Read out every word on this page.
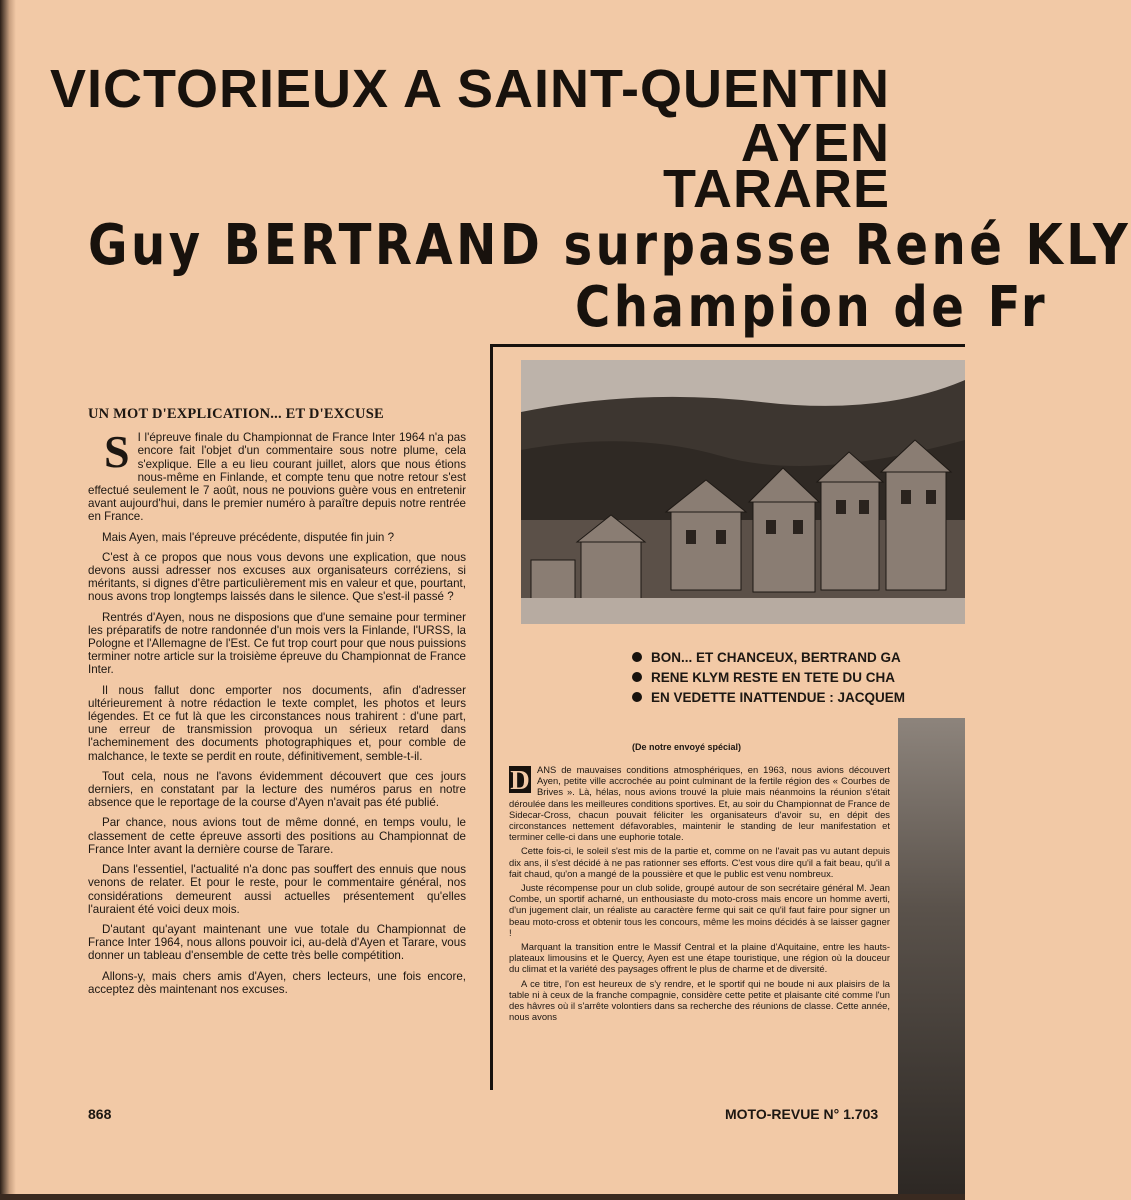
VICTORIEUX A SAINT-QUENTIN
AYEN
TARARE
Guy BERTRAND surpasse René KLY
Champion de Fr
UN MOT D'EXPLICATION... ET D'EXCUSE

S I l'épreuve finale du Championnat de France Inter 1964 n'a pas encore fait l'objet d'un commentaire sous notre plume, cela s'explique. Elle a eu lieu courant juillet, alors que nous étions nous-même en Finlande, et compte tenu que notre retour s'est effectué seulement le 7 août, nous ne pouvions guère vous en entretenir avant aujourd'hui, dans le premier numéro à paraître depuis notre rentrée en France.

Mais Ayen, mais l'épreuve précédente, disputée fin juin ?

C'est à ce propos que nous vous devons une explication, que nous devons aussi adresser nos excuses aux organisateurs corréziens, si méritants, si dignes d'être particulièrement mis en valeur et que, pourtant, nous avons trop longtemps laissés dans le silence. Que s'est-il passé ?

Rentrés d'Ayen, nous ne disposions que d'une semaine pour terminer les préparatifs de notre randonnée d'un mois vers la Finlande, l'URSS, la Pologne et l'Allemagne de l'Est. Ce fut trop court pour que nous puissions terminer notre article sur la troisième épreuve du Championnat de France Inter.

Il nous fallut donc emporter nos documents, afin d'adresser ultérieurement à notre rédaction le texte complet, les photos et leurs légendes. Et ce fut là que les circonstances nous trahirent : d'une part, une erreur de transmission provoqua un sérieux retard dans l'acheminement des documents photographiques et, pour comble de malchance, le texte se perdit en route, définitivement, semble-t-il.

Tout cela, nous ne l'avons évidemment découvert que ces jours derniers, en constatant par la lecture des numéros parus en notre absence que le reportage de la course d'Ayen n'avait pas été publié.

Par chance, nous avions tout de même donné, en temps voulu, le classement de cette épreuve assorti des positions au Championnat de France Inter avant la dernière course de Tarare.

Dans l'essentiel, l'actualité n'a donc pas souffert des ennuis que nous venons de relater. Et pour le reste, pour le commentaire général, nos considérations demeurent aussi actuelles présentement qu'elles l'auraient été voici deux mois.

D'autant qu'ayant maintenant une vue totale du Championnat de France Inter 1964, nous allons pouvoir ici, au-delà d'Ayen et Tarare, vous donner un tableau d'ensemble de cette très belle compétition.

Allons-y, mais chers amis d'Ayen, chers lecteurs, une fois encore, acceptez dès maintenant nos excuses.

BON... ET CHANCEUX, BERTRAND GA
RENE KLYM RESTE EN TETE DU CHA
EN VEDETTE INATTENDUE : JACQUEM
(De notre envoyé spécial)

D ANS de mauvaises conditions atmosphériques, en 1963, nous avions découvert Ayen, petite ville accrochée au point culminant de la fertile région des « Courbes de Brives ». Là, hélas, nous avions trouvé la pluie mais néanmoins la réunion s'était déroulée dans les meilleures conditions sportives. Et, au soir du Championnat de France de Sidecar-Cross, chacun pouvait féliciter les organisateurs d'avoir su, en dépit des circonstances nettement défavorables, maintenir le standing de leur manifestation et terminer celle-ci dans une euphorie totale.

Cette fois-ci, le soleil s'est mis de la partie et, comme on ne l'avait pas vu autant depuis dix ans, il s'est décidé à ne pas rationner ses efforts. C'est vous dire qu'il a fait beau, qu'il a fait chaud, qu'on a mangé de la poussière et que le public est venu nombreux.

Juste récompense pour un club solide, groupé autour de son secrétaire général M. Jean Combe, un sportif acharné, un enthousiaste du moto-cross mais encore un homme averti, d'un jugement clair, un réaliste au caractère ferme qui sait ce qu'il faut faire pour signer un beau moto-cross et obtenir tous les concours, même les moins décidés à se laisser gagner !

Marquant la transition entre le Massif Central et la plaine d'Aquitaine, entre les hauts-plateaux limousins et le Quercy, Ayen est une étape touristique, une région où la douceur du climat et la variété des paysages offrent le plus de charme et de diversité.

A ce titre, l'on est heureux de s'y rendre, et le sportif qui ne boude ni aux plaisirs de la table ni à ceux de la franche compagnie, considère cette petite et plaisante cité comme l'un des hâvres où il s'arrête volontiers dans sa recherche des réunions de classe. Cette année, nous avons

868	MOTO-REVUE N° 1.703
